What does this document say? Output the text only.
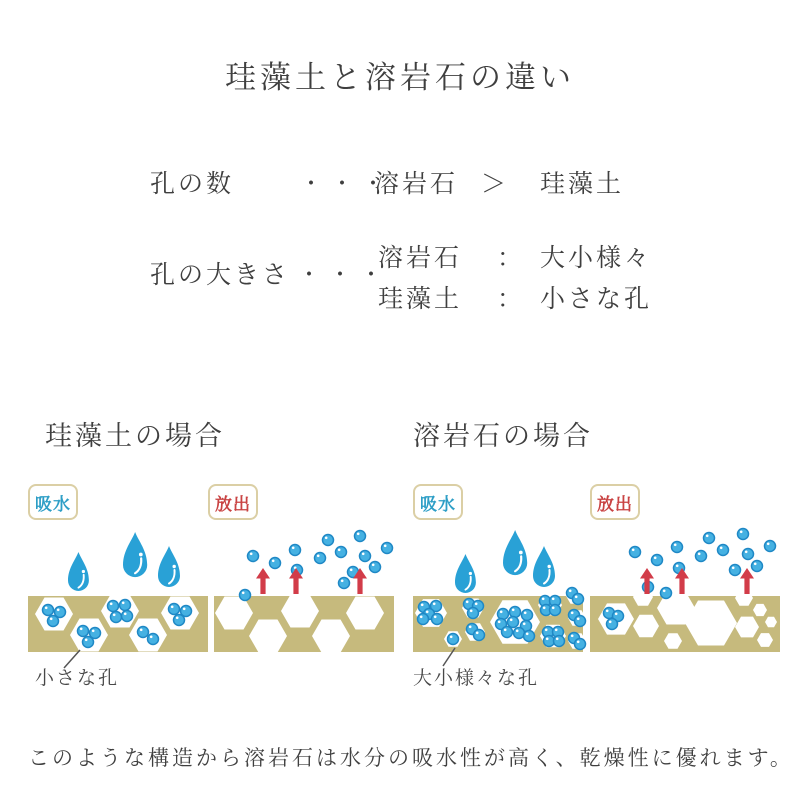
珪藻土と溶岩石の違い
孔の数	・・・
溶岩石 ＞ 珪藻土
孔の大きさ ・・・
溶岩石 ： 大小様々
珪藻土 ： 小さな孔
珪藻土の場合	溶岩石の場合
吸水	放出
小さな孔
吸水	放出
大小様々な孔
このような構造から溶岩石は水分の吸水性が高く、乾燥性に優れます。
